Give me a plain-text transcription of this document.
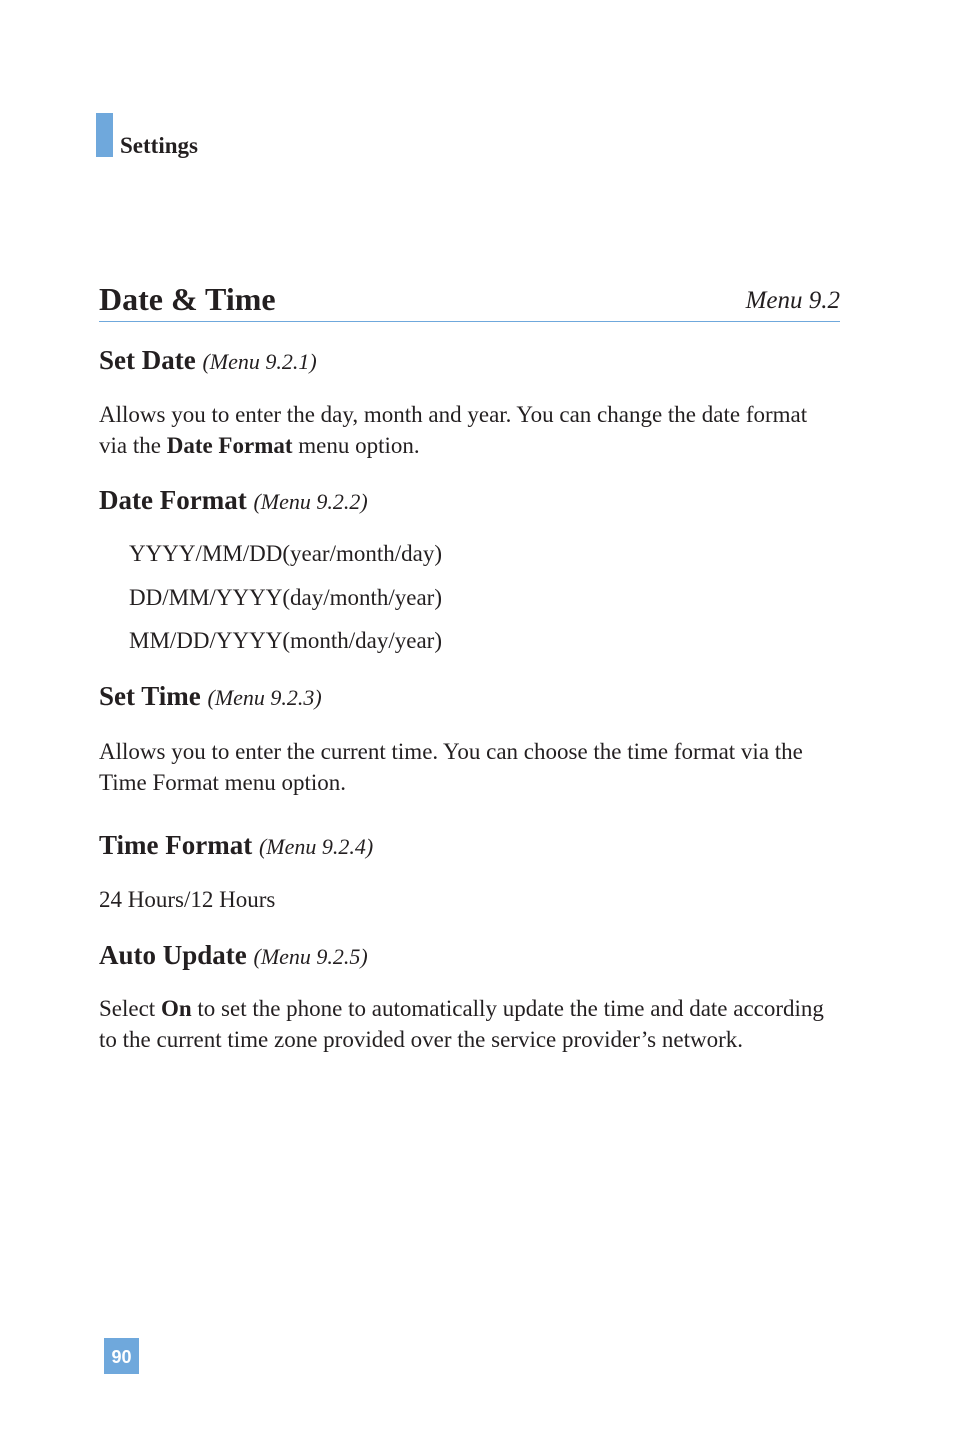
Settings
Date & Time	Menu 9.2
Set Date (Menu 9.2.1)

Allows you to enter the day, month and year. You can change the date format via the Date Format menu option.

Date Format (Menu 9.2.2)
YYYY/MM/DD(year/month/day)
DD/MM/YYYY(day/month/year)
MM/DD/YYYY(month/day/year)
Set Time (Menu 9.2.3)

Allows you to enter the current time. You can choose the time format via the Time Format menu option.

Time Format (Menu 9.2.4)

24 Hours/12 Hours

Auto Update (Menu 9.2.5)

Select On to set the phone to automatically update the time and date according to the current time zone provided over the service provider’s network.

90
